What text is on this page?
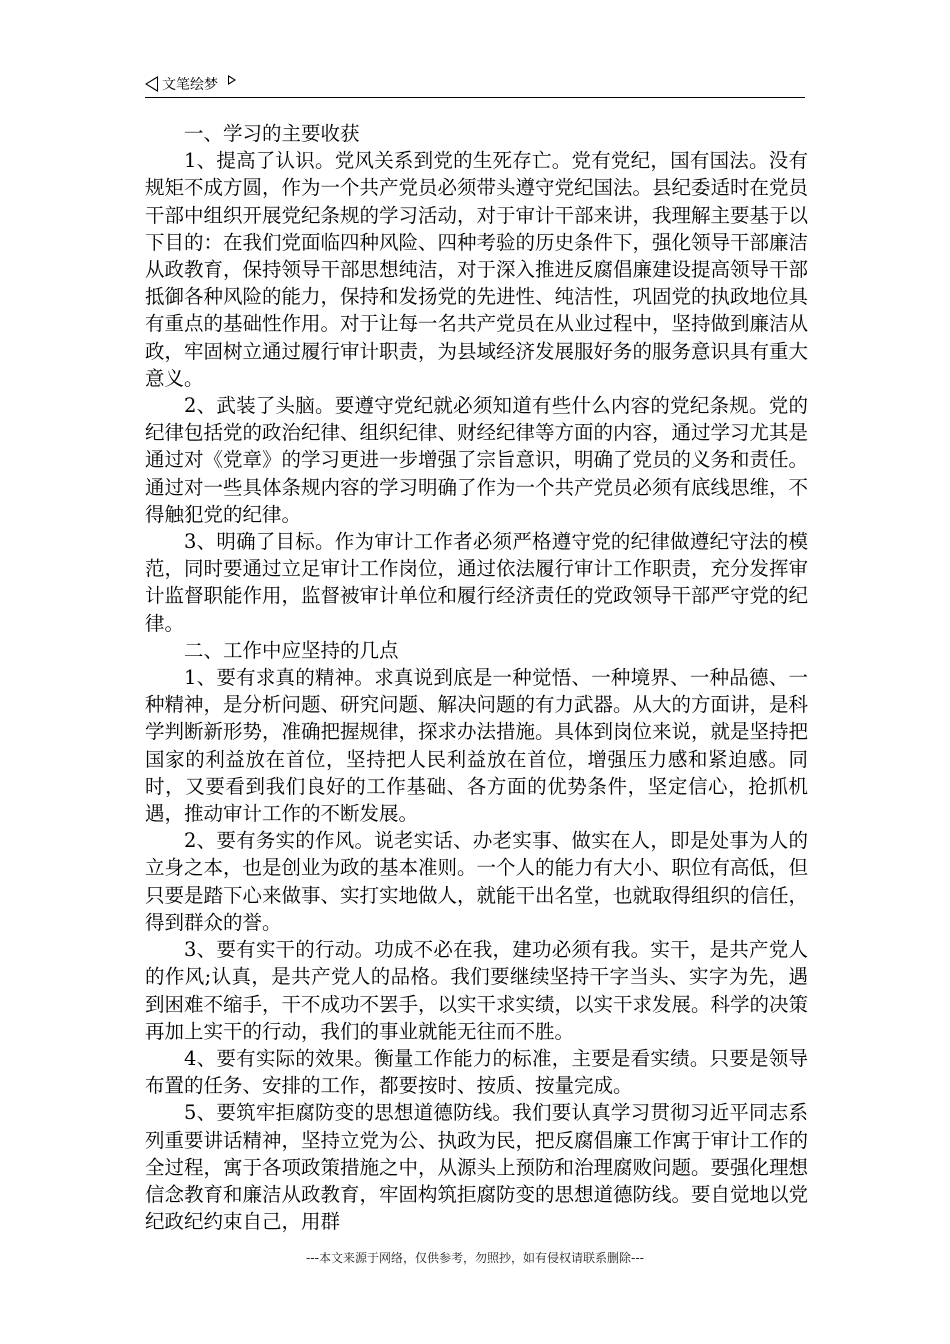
文笔绘梦

一、学习的主要收获

1、提高了认识。党风关系到党的生死存亡。党有党纪，国有国法。没有规矩不成方圆，作为一个共产党员必须带头遵守党纪国法。县纪委适时在党员干部中组织开展党纪条规的学习活动，对于审计干部来讲，我理解主要基于以下目的：在我们党面临四种风险、四种考验的历史条件下，强化领导干部廉洁从政教育，保持领导干部思想纯洁，对于深入推进反腐倡廉建设提高领导干部抵御各种风险的能力，保持和发扬党的先进性、纯洁性，巩固党的执政地位具有重点的基础性作用。对于让每一名共产党员在从业过程中，坚持做到廉洁从政，牢固树立通过履行审计职责，为县域经济发展服好务的服务意识具有重大意义。

2、武装了头脑。要遵守党纪就必须知道有些什么内容的党纪条规。党的纪律包括党的政治纪律、组织纪律、财经纪律等方面的内容，通过学习尤其是通过对《党章》的学习更进一步增强了宗旨意识，明确了党员的义务和责任。通过对一些具体条规内容的学习明确了作为一个共产党员必须有底线思维，不得触犯党的纪律。

3、明确了目标。作为审计工作者必须严格遵守党的纪律做遵纪守法的模范，同时要通过立足审计工作岗位，通过依法履行审计工作职责，充分发挥审计监督职能作用，监督被审计单位和履行经济责任的党政领导干部严守党的纪律。

二、工作中应坚持的几点

1、要有求真的精神。求真说到底是一种觉悟、一种境界、一种品德、一种精神，是分析问题、研究问题、解决问题的有力武器。从大的方面讲，是科学判断新形势，准确把握规律，探求办法措施。具体到岗位来说，就是坚持把国家的利益放在首位，坚持把人民利益放在首位，增强压力感和紧迫感。同时，又要看到我们良好的工作基础、各方面的优势条件，坚定信心，抢抓机遇，推动审计工作的不断发展。

2、要有务实的作风。说老实话、办老实事、做实在人，即是处事为人的立身之本，也是创业为政的基本准则。一个人的能力有大小、职位有高低，但只要是踏下心来做事、实打实地做人，就能干出名堂，也就取得组织的信任，得到群众的誉。

3、要有实干的行动。功成不必在我，建功必须有我。实干，是共产党人的作风;认真，是共产党人的品格。我们要继续坚持干字当头、实字为先，遇到困难不缩手，干不成功不罢手，以实干求实绩，以实干求发展。科学的决策再加上实干的行动，我们的事业就能无往而不胜。

4、要有实际的效果。衡量工作能力的标准，主要是看实绩。只要是领导布置的任务、安排的工作，都要按时、按质、按量完成。

5、要筑牢拒腐防变的思想道德防线。我们要认真学习贯彻习近平同志系列重要讲话精神，坚持立党为公、执政为民，把反腐倡廉工作寓于审计工作的全过程，寓于各项政策措施之中，从源头上预防和治理腐败问题。要强化理想信念教育和廉洁从政教育，牢固构筑拒腐防变的思想道德防线。要自觉地以党纪政纪约束自己，用群

---本文来源于网络，仅供参考，勿照抄，如有侵权请联系删除---
